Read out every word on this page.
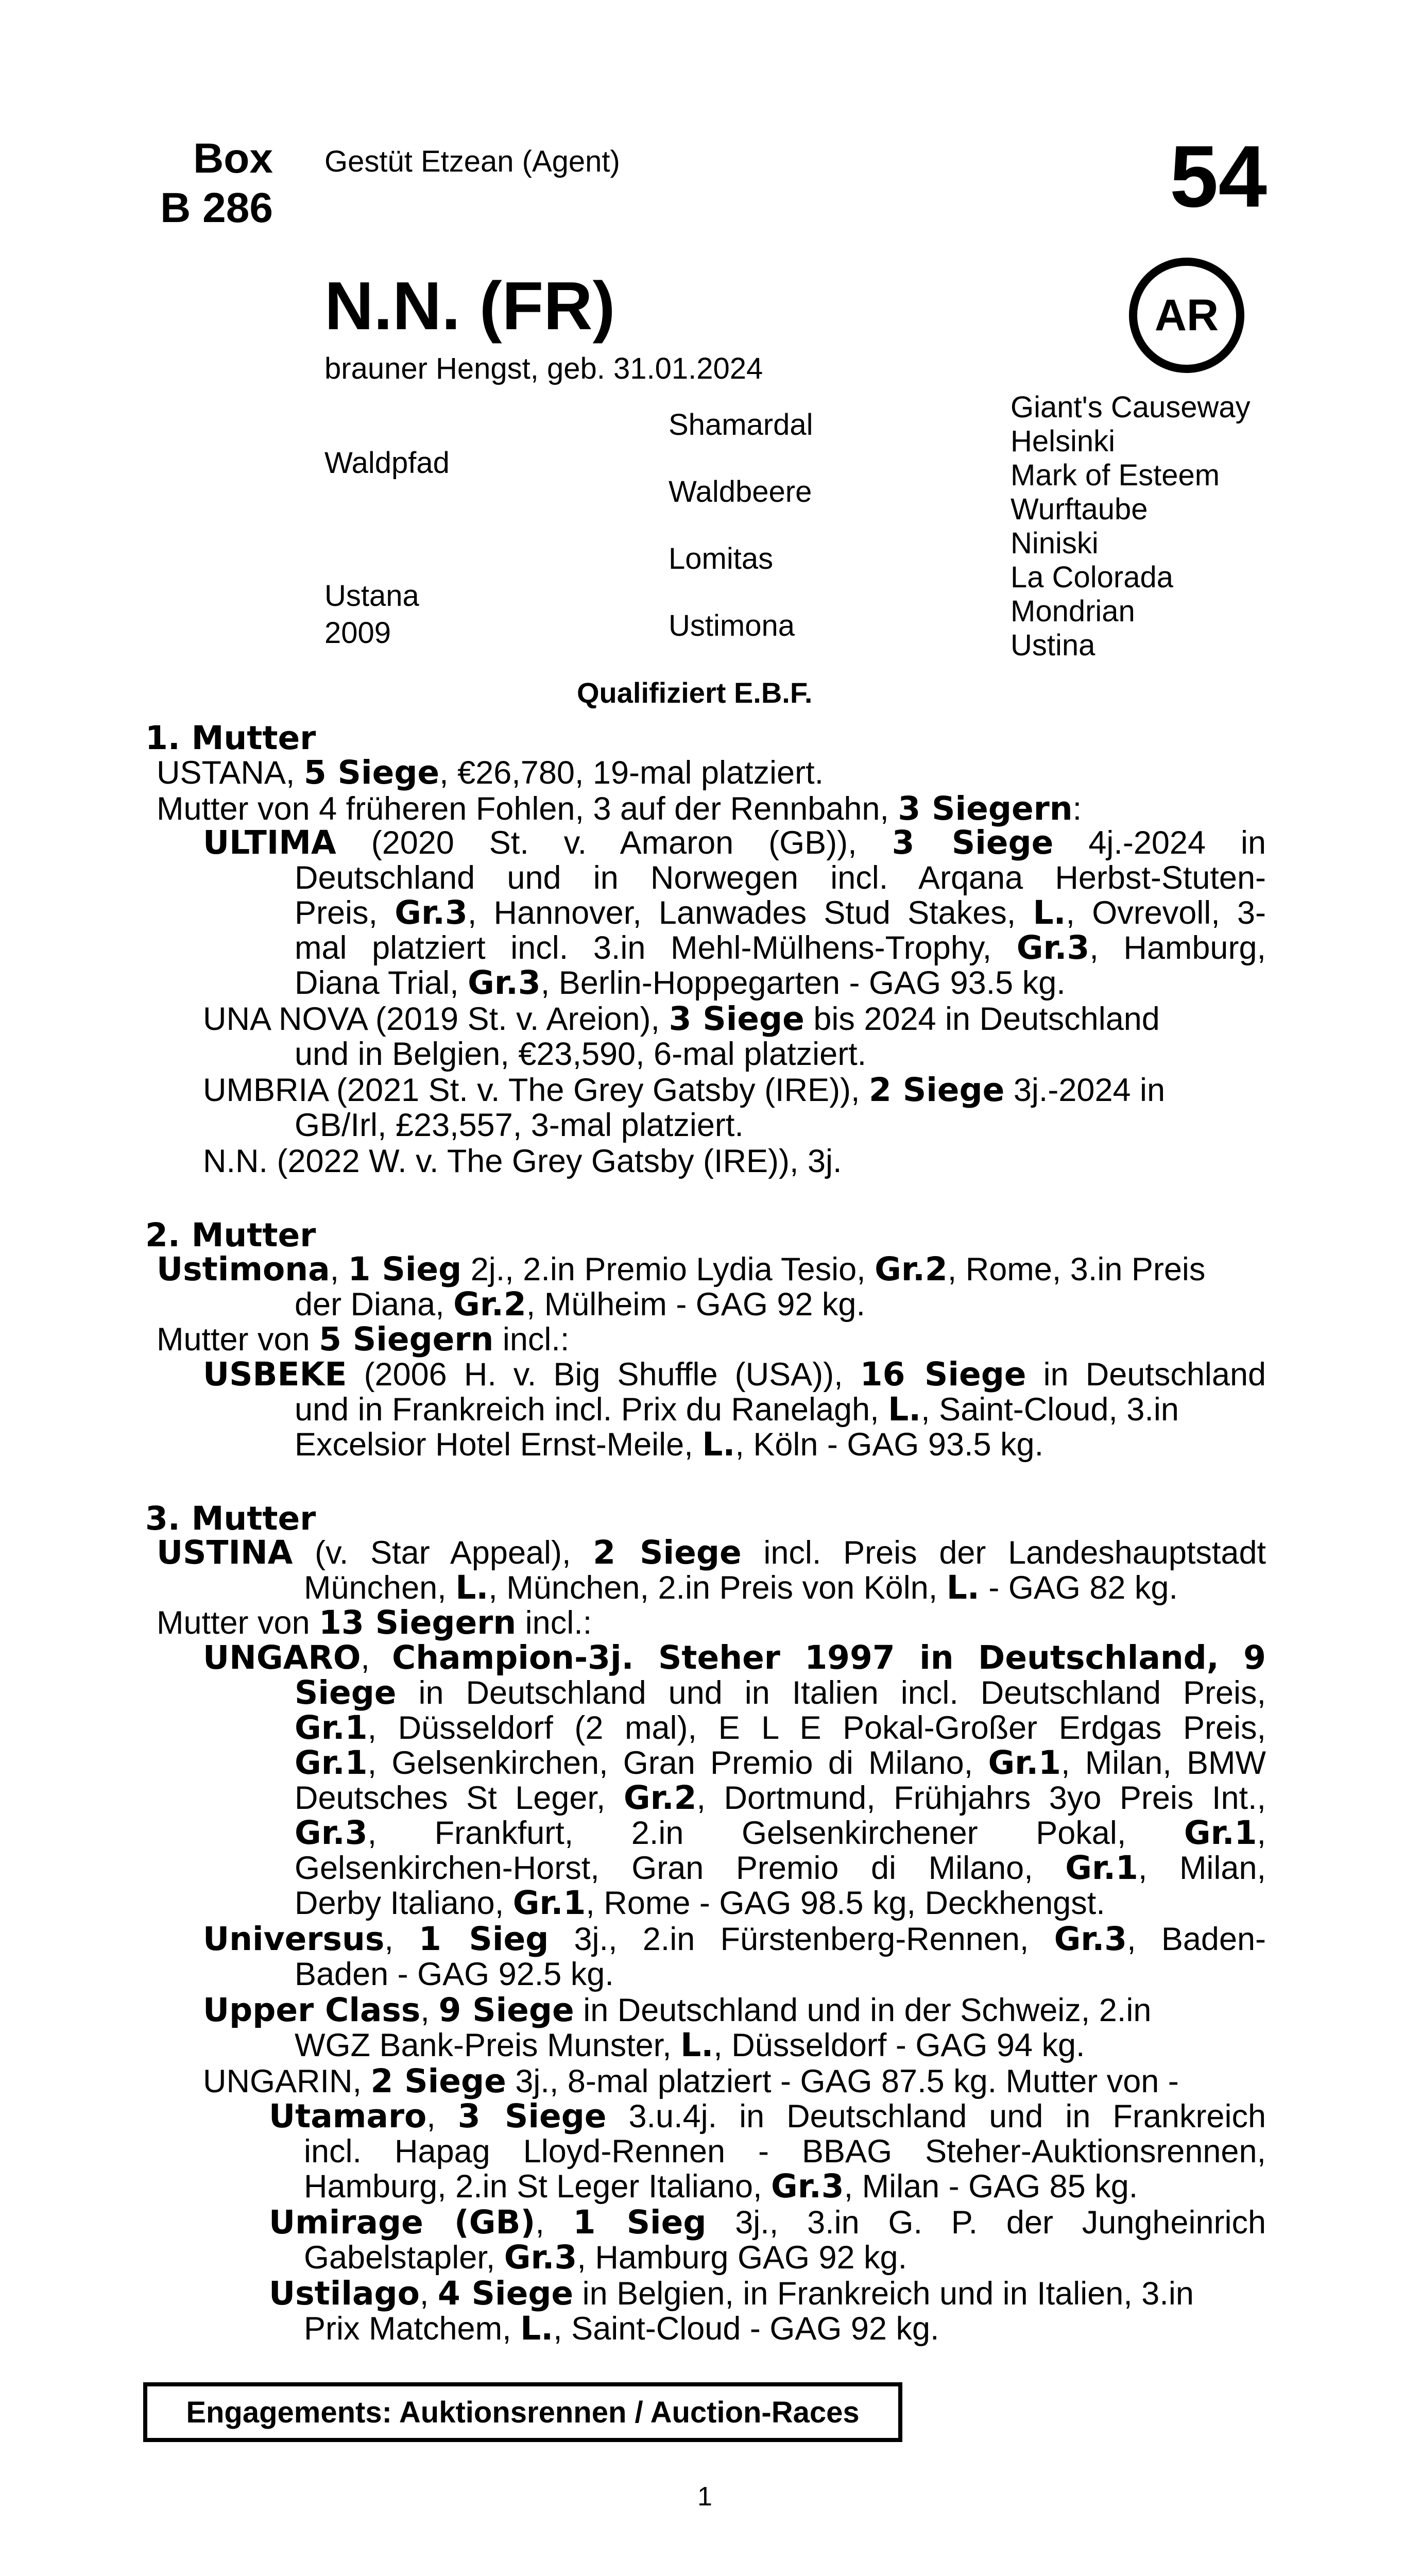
Box
B 286
Gestüt Etzean (Agent)	54
N.N. (FR)	AR
brauner Hengst, geb. 31.01.2024
Waldpfad
Ustana
2009
Shamardal
Waldbeere
Lomitas
Ustimona
Giant's Causeway
Helsinki
Mark of Esteem
Wurftaube
Niniski
La Colorada
Mondrian
Ustina
Qualifiziert E.B.F.
1. Mutter
USTANA, 5 Siege, €26,780, 19-mal platziert.
Mutter von 4 früheren Fohlen, 3 auf der Rennbahn, 3 Siegern:
ULTIMA (2020 St. v. Amaron (GB)), 3 Siege 4j.-2024 in
Deutschland und in Norwegen incl. Arqana Herbst-Stuten-
Preis, Gr.3, Hannover, Lanwades Stud Stakes, L., Ovrevoll, 3-
mal platziert incl. 3.in Mehl-Mülhens-Trophy, Gr.3, Hamburg,
Diana Trial, Gr.3, Berlin-Hoppegarten - GAG 93.5 kg.
UNA NOVA (2019 St. v. Areion), 3 Siege bis 2024 in Deutschland
und in Belgien, €23,590, 6-mal platziert.
UMBRIA (2021 St. v. The Grey Gatsby (IRE)), 2 Siege 3j.-2024 in
GB/Irl, £23,557, 3-mal platziert.
N.N. (2022 W. v. The Grey Gatsby (IRE)), 3j.
2. Mutter
Ustimona, 1 Sieg 2j., 2.in Premio Lydia Tesio, Gr.2, Rome, 3.in Preis
der Diana, Gr.2, Mülheim - GAG 92 kg.
Mutter von 5 Siegern incl.:
USBEKE (2006 H. v. Big Shuffle (USA)), 16 Siege in Deutschland
und in Frankreich incl. Prix du Ranelagh, L., Saint-Cloud, 3.in
Excelsior Hotel Ernst-Meile, L., Köln - GAG 93.5 kg.
3. Mutter
USTINA (v. Star Appeal), 2 Siege incl. Preis der Landeshauptstadt
München, L., München, 2.in Preis von Köln, L. - GAG 82 kg.
Mutter von 13 Siegern incl.:
UNGARO, Champion-3j. Steher 1997 in Deutschland, 9
Siege in Deutschland und in Italien incl. Deutschland Preis,
Gr.1, Düsseldorf (2 mal), E L E Pokal-Großer Erdgas Preis,
Gr.1, Gelsenkirchen, Gran Premio di Milano, Gr.1, Milan, BMW
Deutsches St Leger, Gr.2, Dortmund, Frühjahrs 3yo Preis Int.,
Gr.3, Frankfurt, 2.in Gelsenkirchener Pokal, Gr.1,
Gelsenkirchen-Horst, Gran Premio di Milano, Gr.1, Milan,
Derby Italiano, Gr.1, Rome - GAG 98.5 kg, Deckhengst.
Universus, 1 Sieg 3j., 2.in Fürstenberg-Rennen, Gr.3, Baden-
Baden - GAG 92.5 kg.
Upper Class, 9 Siege in Deutschland und in der Schweiz, 2.in
WGZ Bank-Preis Munster, L., Düsseldorf - GAG 94 kg.
UNGARIN, 2 Siege 3j., 8-mal platziert - GAG 87.5 kg. Mutter von -
Utamaro, 3 Siege 3.u.4j. in Deutschland und in Frankreich
incl. Hapag Lloyd-Rennen - BBAG Steher-Auktionsrennen,
Hamburg, 2.in St Leger Italiano, Gr.3, Milan - GAG 85 kg.
Umirage (GB), 1 Sieg 3j., 3.in G. P. der Jungheinrich
Gabelstapler, Gr.3, Hamburg GAG 92 kg.
Ustilago, 4 Siege in Belgien, in Frankreich und in Italien, 3.in
Prix Matchem, L., Saint-Cloud - GAG 92 kg.
Engagements: Auktionsrennen / Auction-Races
1
